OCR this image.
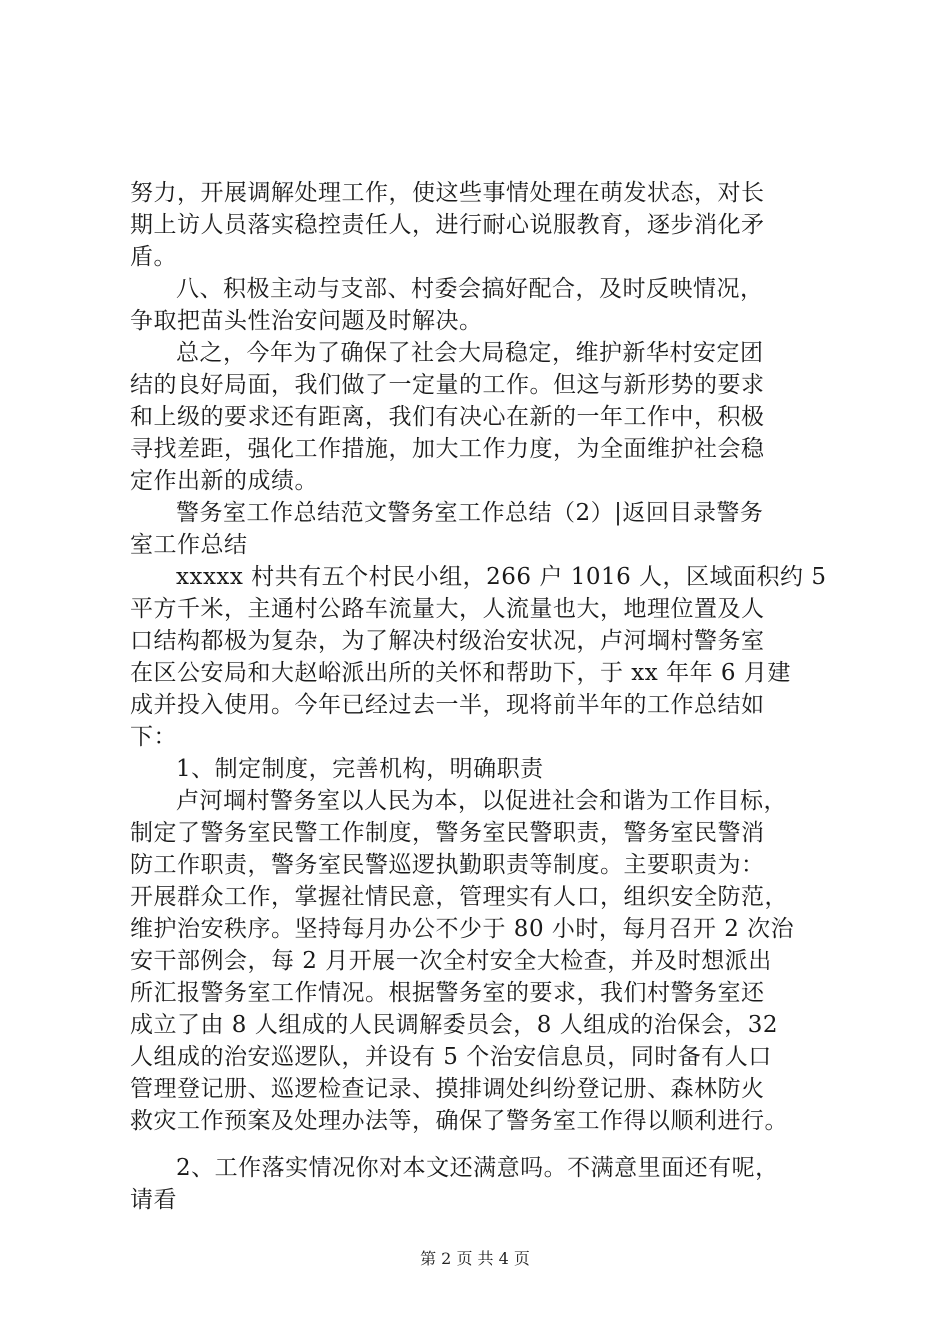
努力，开展调解处理工作，使这些事情处理在萌发状态，对长
期上访人员落实稳控责任人，进行耐心说服教育，逐步消化矛
盾。
八、积极主动与支部、村委会搞好配合，及时反映情况，
争取把苗头性治安问题及时解决。
总之，今年为了确保了社会大局稳定，维护新华村安定团
结的良好局面，我们做了一定量的工作。但这与新形势的要求
和上级的要求还有距离，我们有决心在新的一年工作中，积极
寻找差距，强化工作措施，加大工作力度，为全面维护社会稳
定作出新的成绩。
警务室工作总结范文警务室工作总结（2）|返回目录警务
室工作总结
xxxxx 村共有五个村民小组，266 户 1016 人，区域面积约 5
平方千米，主通村公路车流量大，人流量也大，地理位置及人
口结构都极为复杂，为了解决村级治安状况，卢河堈村警务室
在区公安局和大赵峪派出所的关怀和帮助下，于 xx 年年 6 月建
成并投入使用。今年已经过去一半，现将前半年的工作总结如
下：
1、制定制度，完善机构，明确职责
卢河堈村警务室以人民为本，以促进社会和谐为工作目标，
制定了警务室民警工作制度，警务室民警职责，警务室民警消
防工作职责，警务室民警巡逻执勤职责等制度。主要职责为：
开展群众工作，掌握社情民意，管理实有人口，组织安全防范，
维护治安秩序。坚持每月办公不少于 80 小时，每月召开 2 次治
安干部例会，每 2 月开展一次全村安全大检查，并及时想派出
所汇报警务室工作情况。根据警务室的要求，我们村警务室还
成立了由 8 人组成的人民调解委员会，8 人组成的治保会，32
人组成的治安巡逻队，并设有 5 个治安信息员，同时备有人口
管理登记册、巡逻检查记录、摸排调处纠纷登记册、森林防火
救灾工作预案及处理办法等，确保了警务室工作得以顺利进行。
2、工作落实情况你对本文还满意吗。不满意里面还有呢，
请看
第 2 页 共 4 页
